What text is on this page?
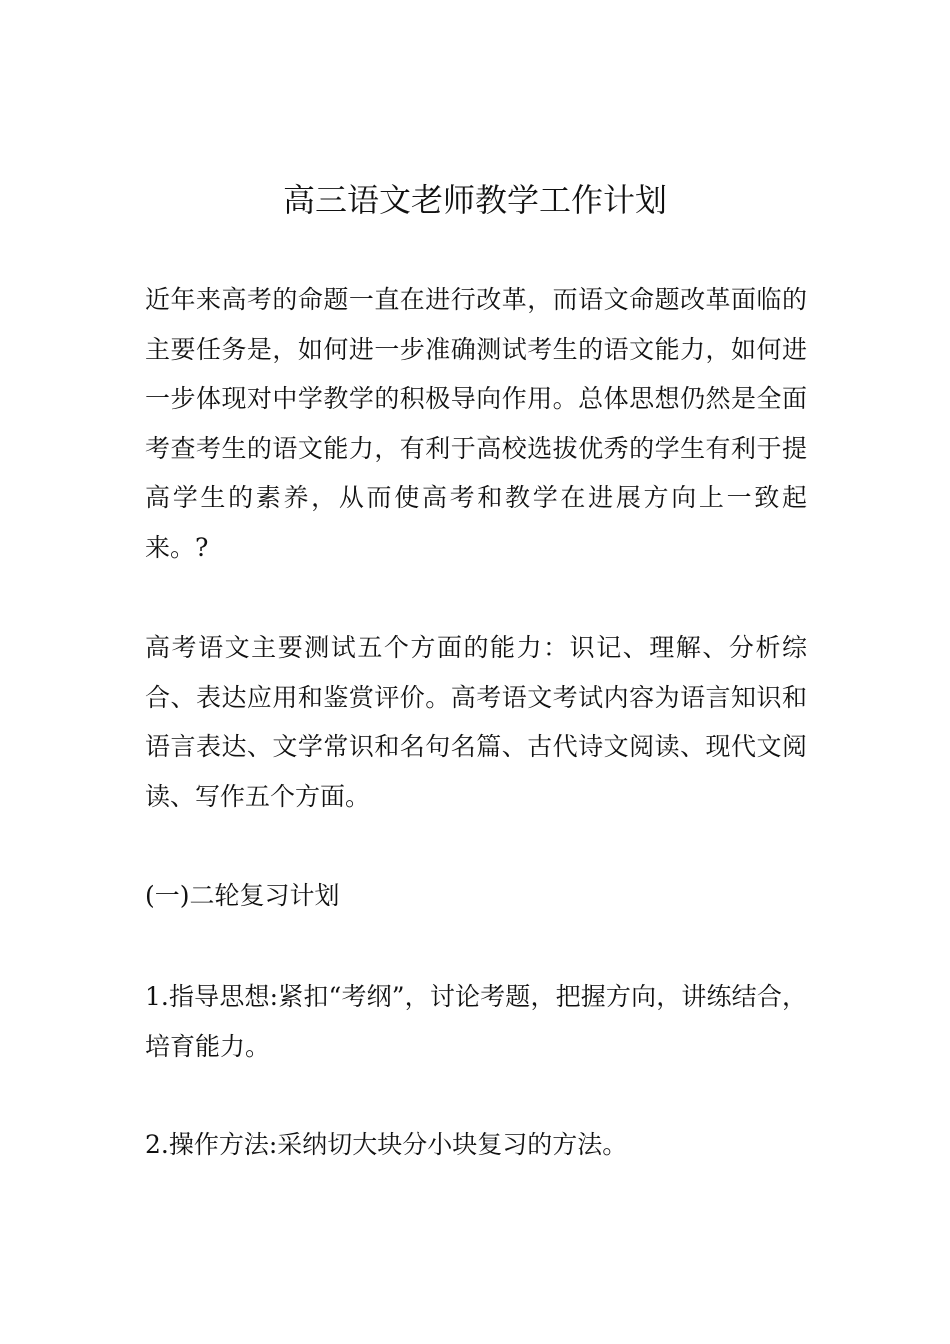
高三语文老师教学工作计划

近年来高考的命题一直在进行改革，而语文命题改革面临的主要任务是，如何进一步准确测试考生的语文能力，如何进一步体现对中学教学的积极导向作用。总体思想仍然是全面考查考生的语文能力，有利于高校选拔优秀的学生有利于提高学生的素养，从而使高考和教学在进展方向上一致起来。?

高考语文主要测试五个方面的能力：识记、理解、分析综合、表达应用和鉴赏评价。高考语文考试内容为语言知识和语言表达、文学常识和名句名篇、古代诗文阅读、现代文阅读、写作五个方面。

(一)二轮复习计划

1.指导思想:紧扣“考纲”，讨论考题，把握方向，讲练结合，培育能力。

2.操作方法:采纳切大块分小块复习的方法。
